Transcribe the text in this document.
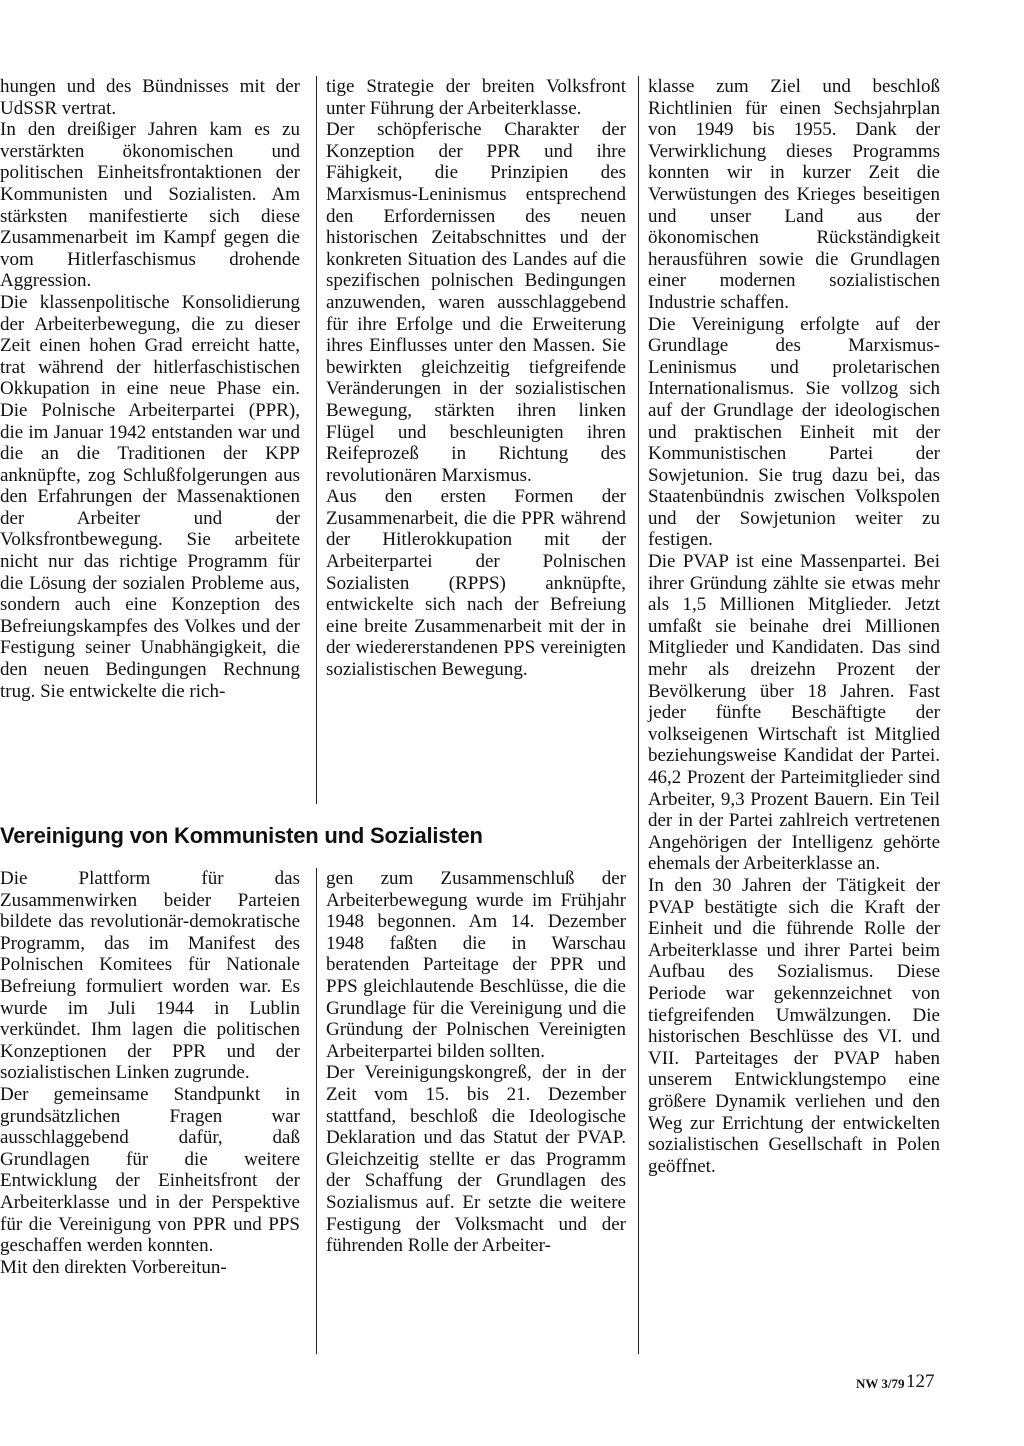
hungen und des Bündnisses mit der UdSSR vertrat.

In den dreißiger Jahren kam es zu verstärkten ökonomischen und politischen Einheitsfrontaktionen der Kommunisten und Sozialisten. Am stärksten manifestierte sich diese Zusammenarbeit im Kampf gegen die vom Hitlerfaschismus drohende Aggression.

Die klassenpolitische Konsolidierung der Arbeiterbewegung, die zu dieser Zeit einen hohen Grad erreicht hatte, trat während der hitlerfaschistischen Okkupation in eine neue Phase ein. Die Polnische Arbeiterpartei (PPR), die im Januar 1942 entstanden war und die an die Traditionen der KPP anknüpfte, zog Schlußfolgerungen aus den Erfahrungen der Massenaktionen der Arbeiter und der Volksfrontbewegung. Sie arbeitete nicht nur das richtige Programm für die Lösung der sozialen Probleme aus, sondern auch eine Konzeption des Befreiungskampfes des Volkes und der Festigung seiner Unabhängigkeit, die den neuen Bedingungen Rechnung trug. Sie entwickelte die rich-

tige Strategie der breiten Volksfront unter Führung der Arbeiterklasse.

Der schöpferische Charakter der Konzeption der PPR und ihre Fähigkeit, die Prinzipien des Marxismus-Leninismus entsprechend den Erfordernissen des neuen historischen Zeitabschnittes und der konkreten Situation des Landes auf die spezifischen polnischen Bedingungen anzuwenden, waren ausschlaggebend für ihre Erfolge und die Erweiterung ihres Einflusses unter den Massen. Sie bewirkten gleichzeitig tiefgreifende Veränderungen in der sozialistischen Bewegung, stärkten ihren linken Flügel und beschleunigten ihren Reifeprozeß in Richtung des revolutionären Marxismus.

Aus den ersten Formen der Zusammenarbeit, die die PPR während der Hitlerokkupation mit der Arbeiterpartei der Polnischen Sozialisten (RPPS) anknüpfte, entwickelte sich nach der Befreiung eine breite Zusammenarbeit mit der in der wiedererstandenen PPS vereinigten sozialistischen Bewegung.

Vereinigung von Kommunisten und Sozialisten

Die Plattform für das Zusammenwirken beider Parteien bildete das revolutionär-demokratische Programm, das im Manifest des Polnischen Komitees für Nationale Befreiung formuliert worden war. Es wurde im Juli 1944 in Lublin verkündet. Ihm lagen die politischen Konzeptionen der PPR und der sozialistischen Linken zugrunde.

Der gemeinsame Standpunkt in grundsätzlichen Fragen war ausschlaggebend dafür, daß Grundlagen für die weitere Entwicklung der Einheitsfront der Arbeiterklasse und in der Perspektive für die Vereinigung von PPR und PPS geschaffen werden konnten.

Mit den direkten Vorbereitun-

gen zum Zusammenschluß der Arbeiterbewegung wurde im Frühjahr 1948 begonnen. Am 14. Dezember 1948 faßten die in Warschau beratenden Parteitage der PPR und PPS gleichlautende Beschlüsse, die die Grundlage für die Vereinigung und die Gründung der Polnischen Vereinigten Arbeiterpartei bilden sollten.

Der Vereinigungskongreß, der in der Zeit vom 15. bis 21. Dezember stattfand, beschloß die Ideologische Deklaration und das Statut der PVAP. Gleichzeitig stellte er das Programm der Schaffung der Grundlagen des Sozialismus auf. Er setzte die weitere Festigung der Volksmacht und der führenden Rolle der Arbeiter-

klasse zum Ziel und beschloß Richtlinien für einen Sechsjahrplan von 1949 bis 1955. Dank der Verwirklichung dieses Programms konnten wir in kurzer Zeit die Verwüstungen des Krieges beseitigen und unser Land aus der ökonomischen Rückständigkeit herausführen sowie die Grundlagen einer modernen sozialistischen Industrie schaffen.

Die Vereinigung erfolgte auf der Grundlage des Marxismus-Leninismus und proletarischen Internationalismus. Sie vollzog sich auf der Grundlage der ideologischen und praktischen Einheit mit der Kommunistischen Partei der Sowjetunion. Sie trug dazu bei, das Staatenbündnis zwischen Volkspolen und der Sowjetunion weiter zu festigen.

Die PVAP ist eine Massenpartei. Bei ihrer Gründung zählte sie etwas mehr als 1,5 Millionen Mitglieder. Jetzt umfaßt sie beinahe drei Millionen Mitglieder und Kandidaten. Das sind mehr als dreizehn Prozent der Bevölkerung über 18 Jahren. Fast jeder fünfte Beschäftigte der volkseigenen Wirtschaft ist Mitglied beziehungsweise Kandidat der Partei. 46,2 Prozent der Parteimitglieder sind Arbeiter, 9,3 Prozent Bauern. Ein Teil der in der Partei zahlreich vertretenen Angehörigen der Intelligenz gehörte ehemals der Arbeiterklasse an.

In den 30 Jahren der Tätigkeit der PVAP bestätigte sich die Kraft der Einheit und die führende Rolle der Arbeiterklasse und ihrer Partei beim Aufbau des Sozialismus. Diese Periode war gekennzeichnet von tiefgreifenden Umwälzungen. Die historischen Beschlüsse des VI. und VII. Parteitages der PVAP haben unserem Entwicklungstempo eine größere Dynamik verliehen und den Weg zur Errichtung der entwickelten sozialistischen Gesellschaft in Polen geöffnet.

NW 3/79 127
